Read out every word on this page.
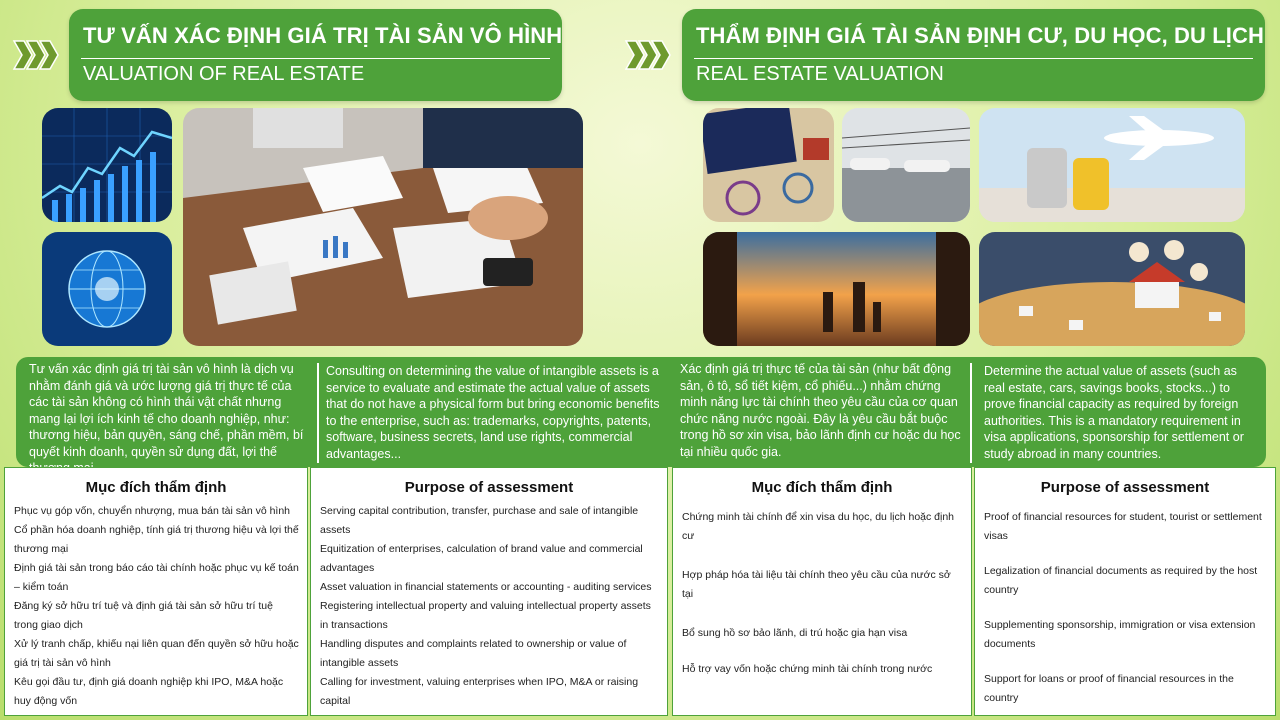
TƯ VẤN XÁC ĐỊNH GIÁ TRỊ TÀI SẢN VÔ HÌNH
VALUATION OF REAL ESTATE
THẨM ĐỊNH GIÁ TÀI SẢN ĐỊNH CƯ, DU HỌC, DU LỊCH
REAL ESTATE VALUATION
Tư vấn xác định giá trị tài sản vô hình là dịch vụ nhằm đánh giá và ước lượng giá trị thực tế của các tài sản không có hình thái vật chất nhưng mang lại lợi ích kinh tế cho doanh nghiệp, như: thương hiệu, bản quyền, sáng chế, phần mềm, bí quyết kinh doanh, quyền sử dụng đất, lợi thế
Consulting on determining the value of intangible assets is a service to evaluate and estimate the actual value of assets that do not have a physical form but bring economic benefits to the enterprise, such as: trademarks, copyrights, patents, software, business secrets, land use rights, commercial advantages...
Xác định giá trị thực tế của tài sản (như bất động sản, ô tô, sổ tiết kiệm, cổ phiếu...) nhằm chứng minh năng lực tài chính theo yêu cầu của cơ quan chức năng nước ngoài. Đây là yêu cầu bắt buộc trong hồ sơ xin visa, bảo lãnh định cư hoặc du học tại nhiều quốc gia.
Determine the actual value of assets (such as real estate, cars, savings books, stocks...) to prove financial capacity as required by foreign authorities. This is a mandatory requirement in visa applications, sponsorship for settlement or study abroad in many countries.
Mục đích thẩm định
Phục vụ góp vốn, chuyển nhượng, mua bán tài sản vô hình
Cổ phần hóa doanh nghiệp, tính giá trị thương hiệu và lợi thế thương mại
Định giá tài sản trong báo cáo tài chính hoặc phục vụ kế toán – kiểm toán
Đăng ký sở hữu trí tuệ và định giá tài sản sở hữu trí tuệ trong giao dịch
Xử lý tranh chấp, khiếu nại liên quan đến quyền sở hữu hoặc giá trị tài sản vô hình
Kêu gọi đầu tư, định giá doanh nghiệp khi IPO, M&A hoặc huy động vốn
Purpose of assessment
Serving capital contribution, transfer, purchase and sale of intangible assets
Equitization of enterprises, calculation of brand value and commercial advantages
Asset valuation in financial statements or accounting - auditing services
Registering intellectual property and valuing intellectual property assets in transactions
Handling disputes and complaints related to ownership or value of intangible assets
Calling for investment, valuing enterprises when IPO, M&A or raising capital
Mục đích thẩm định
Chứng minh tài chính để xin visa du học, du lịch hoặc định cư
Hợp pháp hóa tài liệu tài chính theo yêu cầu của nước sở tại
Bổ sung hồ sơ bảo lãnh, di trú hoặc gia hạn visa
Hỗ trợ vay vốn hoặc chứng minh tài chính trong nước
Purpose of assessment
Proof of financial resources for student, tourist or settlement visas
Legalization of financial documents as required by the host country
Supplementing sponsorship, immigration or visa extension documents
Support for loans or proof of financial resources in the country
